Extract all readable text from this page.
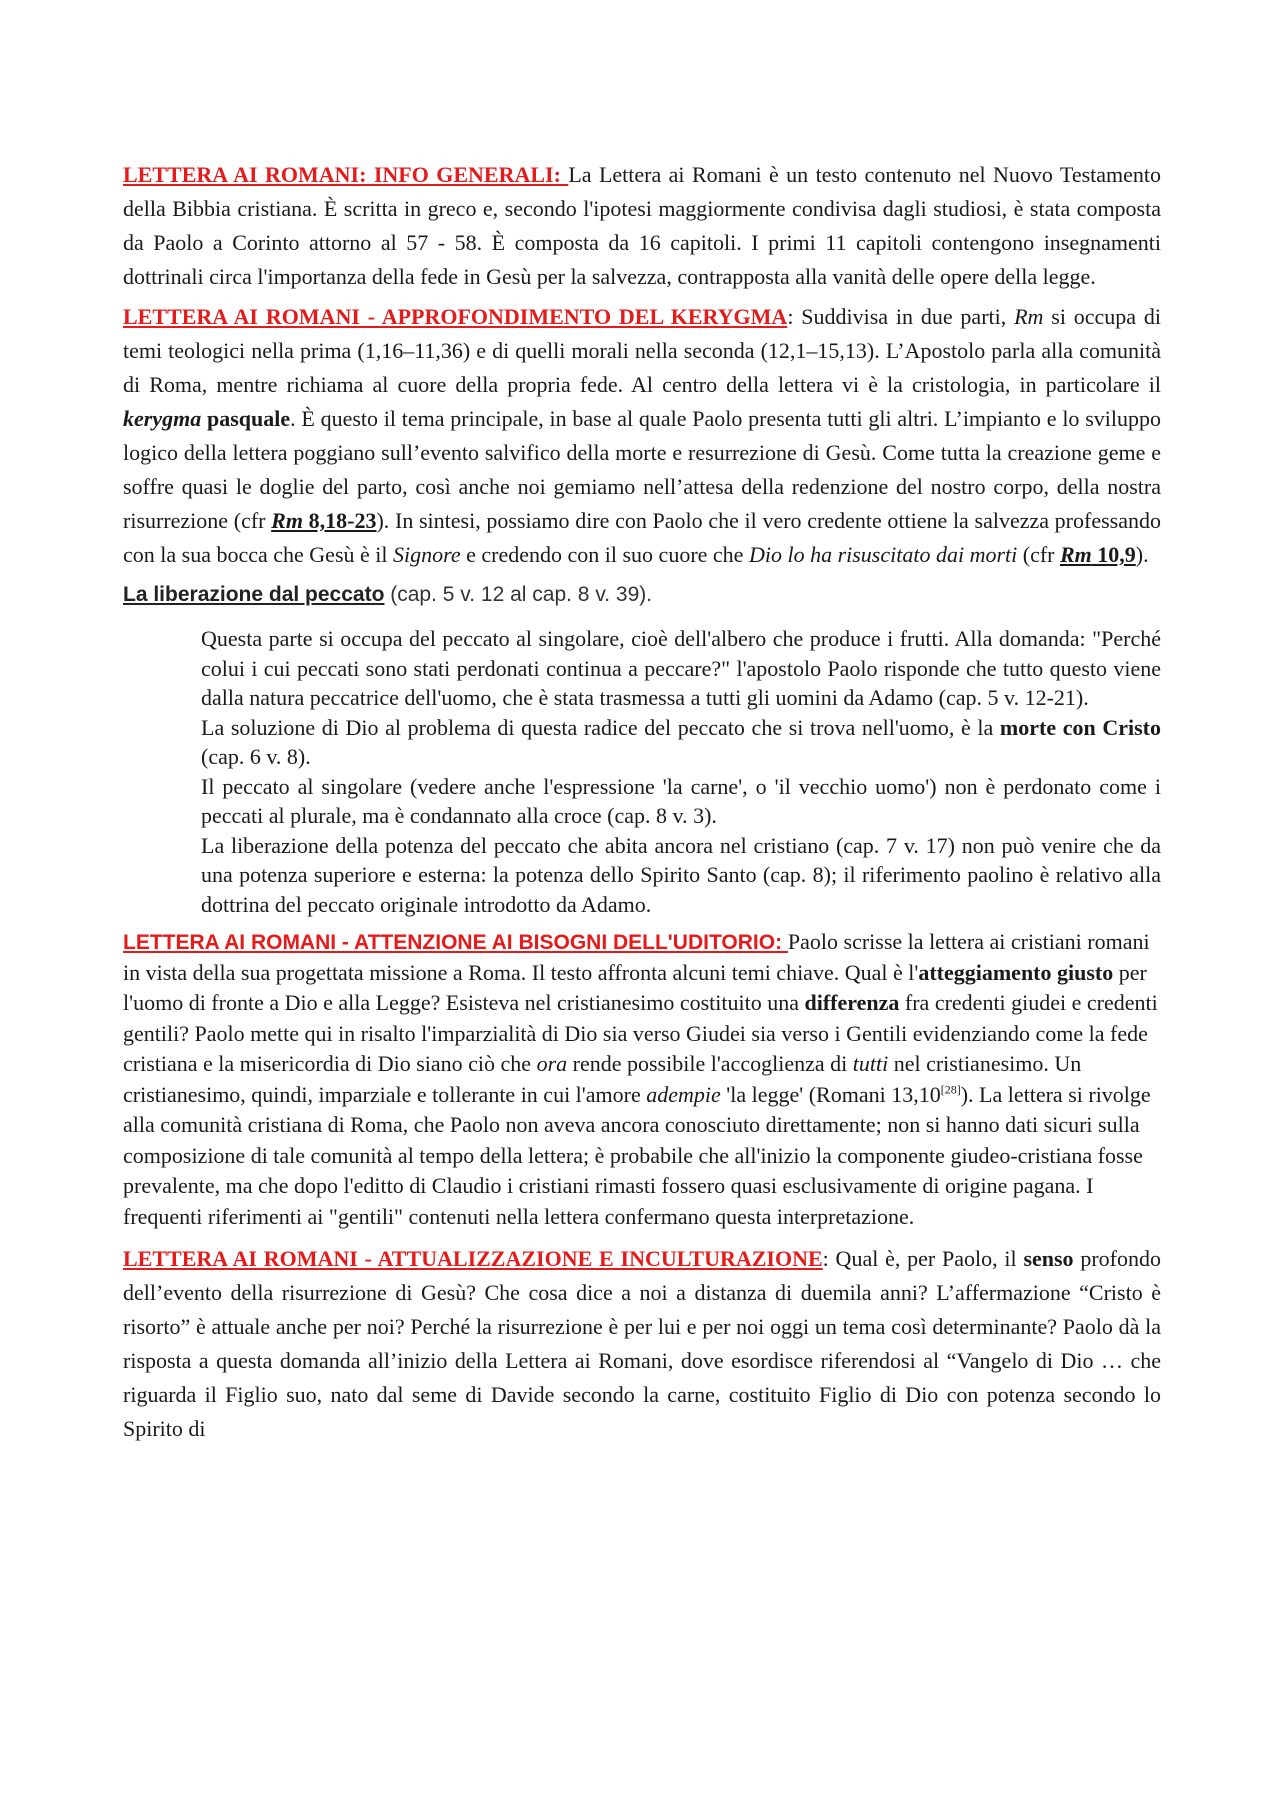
LETTERA AI ROMANI: INFO GENERALI: La Lettera ai Romani è un testo contenuto nel Nuovo Testamento della Bibbia cristiana. È scritta in greco e, secondo l'ipotesi maggiormente condivisa dagli studiosi, è stata composta da Paolo a Corinto attorno al 57 - 58. È composta da 16 capitoli. I primi 11 capitoli contengono insegnamenti dottrinali circa l'importanza della fede in Gesù per la salvezza, contrapposta alla vanità delle opere della legge.

LETTERA AI ROMANI - APPROFONDIMENTO DEL KERYGMA: Suddivisa in due parti, Rm si occupa di temi teologici nella prima (1,16–11,36) e di quelli morali nella seconda (12,1–15,13). L’Apostolo parla alla comunità di Roma, mentre richiama al cuore della propria fede. Al centro della lettera vi è la cristologia, in particolare il kerygma pasquale. È questo il tema principale, in base al quale Paolo presenta tutti gli altri. L’impianto e lo sviluppo logico della lettera poggiano sull’evento salvifico della morte e resurrezione di Gesù. Come tutta la creazione geme e soffre quasi le doglie del parto, così anche noi gemiamo nell’attesa della redenzione del nostro corpo, della nostra risurrezione (cfr Rm 8,18-23). In sintesi, possiamo dire con Paolo che il vero credente ottiene la salvezza professando con la sua bocca che Gesù è il Signore e credendo con il suo cuore che Dio lo ha risuscitato dai morti (cfr Rm 10,9).

La liberazione dal peccato (cap. 5 v. 12 al cap. 8 v. 39).

Questa parte si occupa del peccato al singolare, cioè dell'albero che produce i frutti. Alla domanda: "Perché colui i cui peccati sono stati perdonati continua a peccare?" l'apostolo Paolo risponde che tutto questo viene dalla natura peccatrice dell'uomo, che è stata trasmessa a tutti gli uomini da Adamo (cap. 5 v. 12-21).

La soluzione di Dio al problema di questa radice del peccato che si trova nell'uomo, è la morte con Cristo (cap. 6 v. 8).

Il peccato al singolare (vedere anche l'espressione 'la carne', o 'il vecchio uomo') non è perdonato come i peccati al plurale, ma è condannato alla croce (cap. 8 v. 3).

La liberazione della potenza del peccato che abita ancora nel cristiano (cap. 7 v. 17) non può venire che da una potenza superiore e esterna: la potenza dello Spirito Santo (cap. 8); il riferimento paolino è relativo alla dottrina del peccato originale introdotto da Adamo.

LETTERA AI ROMANI - ATTENZIONE AI BISOGNI DELL'UDITORIO: Paolo scrisse la lettera ai cristiani romani in vista della sua progettata missione a Roma. Il testo affronta alcuni temi chiave. Qual è l'atteggiamento giusto per l'uomo di fronte a Dio e alla Legge? Esisteva nel cristianesimo costituito una differenza fra credenti giudei e credenti gentili? Paolo mette qui in risalto l'imparzialità di Dio sia verso Giudei sia verso i Gentili evidenziando come la fede cristiana e la misericordia di Dio siano ciò che ora rende possibile l'accoglienza di tutti nel cristianesimo. Un cristianesimo, quindi, imparziale e tollerante in cui l'amore adempie 'la legge' (Romani 13,10[28]). La lettera si rivolge alla comunità cristiana di Roma, che Paolo non aveva ancora conosciuto direttamente; non si hanno dati sicuri sulla composizione di tale comunità al tempo della lettera; è probabile che all'inizio la componente giudeo-cristiana fosse prevalente, ma che dopo l'editto di Claudio i cristiani rimasti fossero quasi esclusivamente di origine pagana. I frequenti riferimenti ai "gentili" contenuti nella lettera confermano questa interpretazione.

LETTERA AI ROMANI - ATTUALIZZAZIONE E INCULTURAZIONE: Qual è, per Paolo, il senso profondo dell’evento della risurrezione di Gesù? Che cosa dice a noi a distanza di duemila anni? L’affermazione “Cristo è risorto” è attuale anche per noi? Perché la risurrezione è per lui e per noi oggi un tema così determinante? Paolo dà la risposta a questa domanda all’inizio della Lettera ai Romani, dove esordisce riferendosi al “Vangelo di Dio … che riguarda il Figlio suo, nato dal seme di Davide secondo la carne, costituito Figlio di Dio con potenza secondo lo Spirito di
